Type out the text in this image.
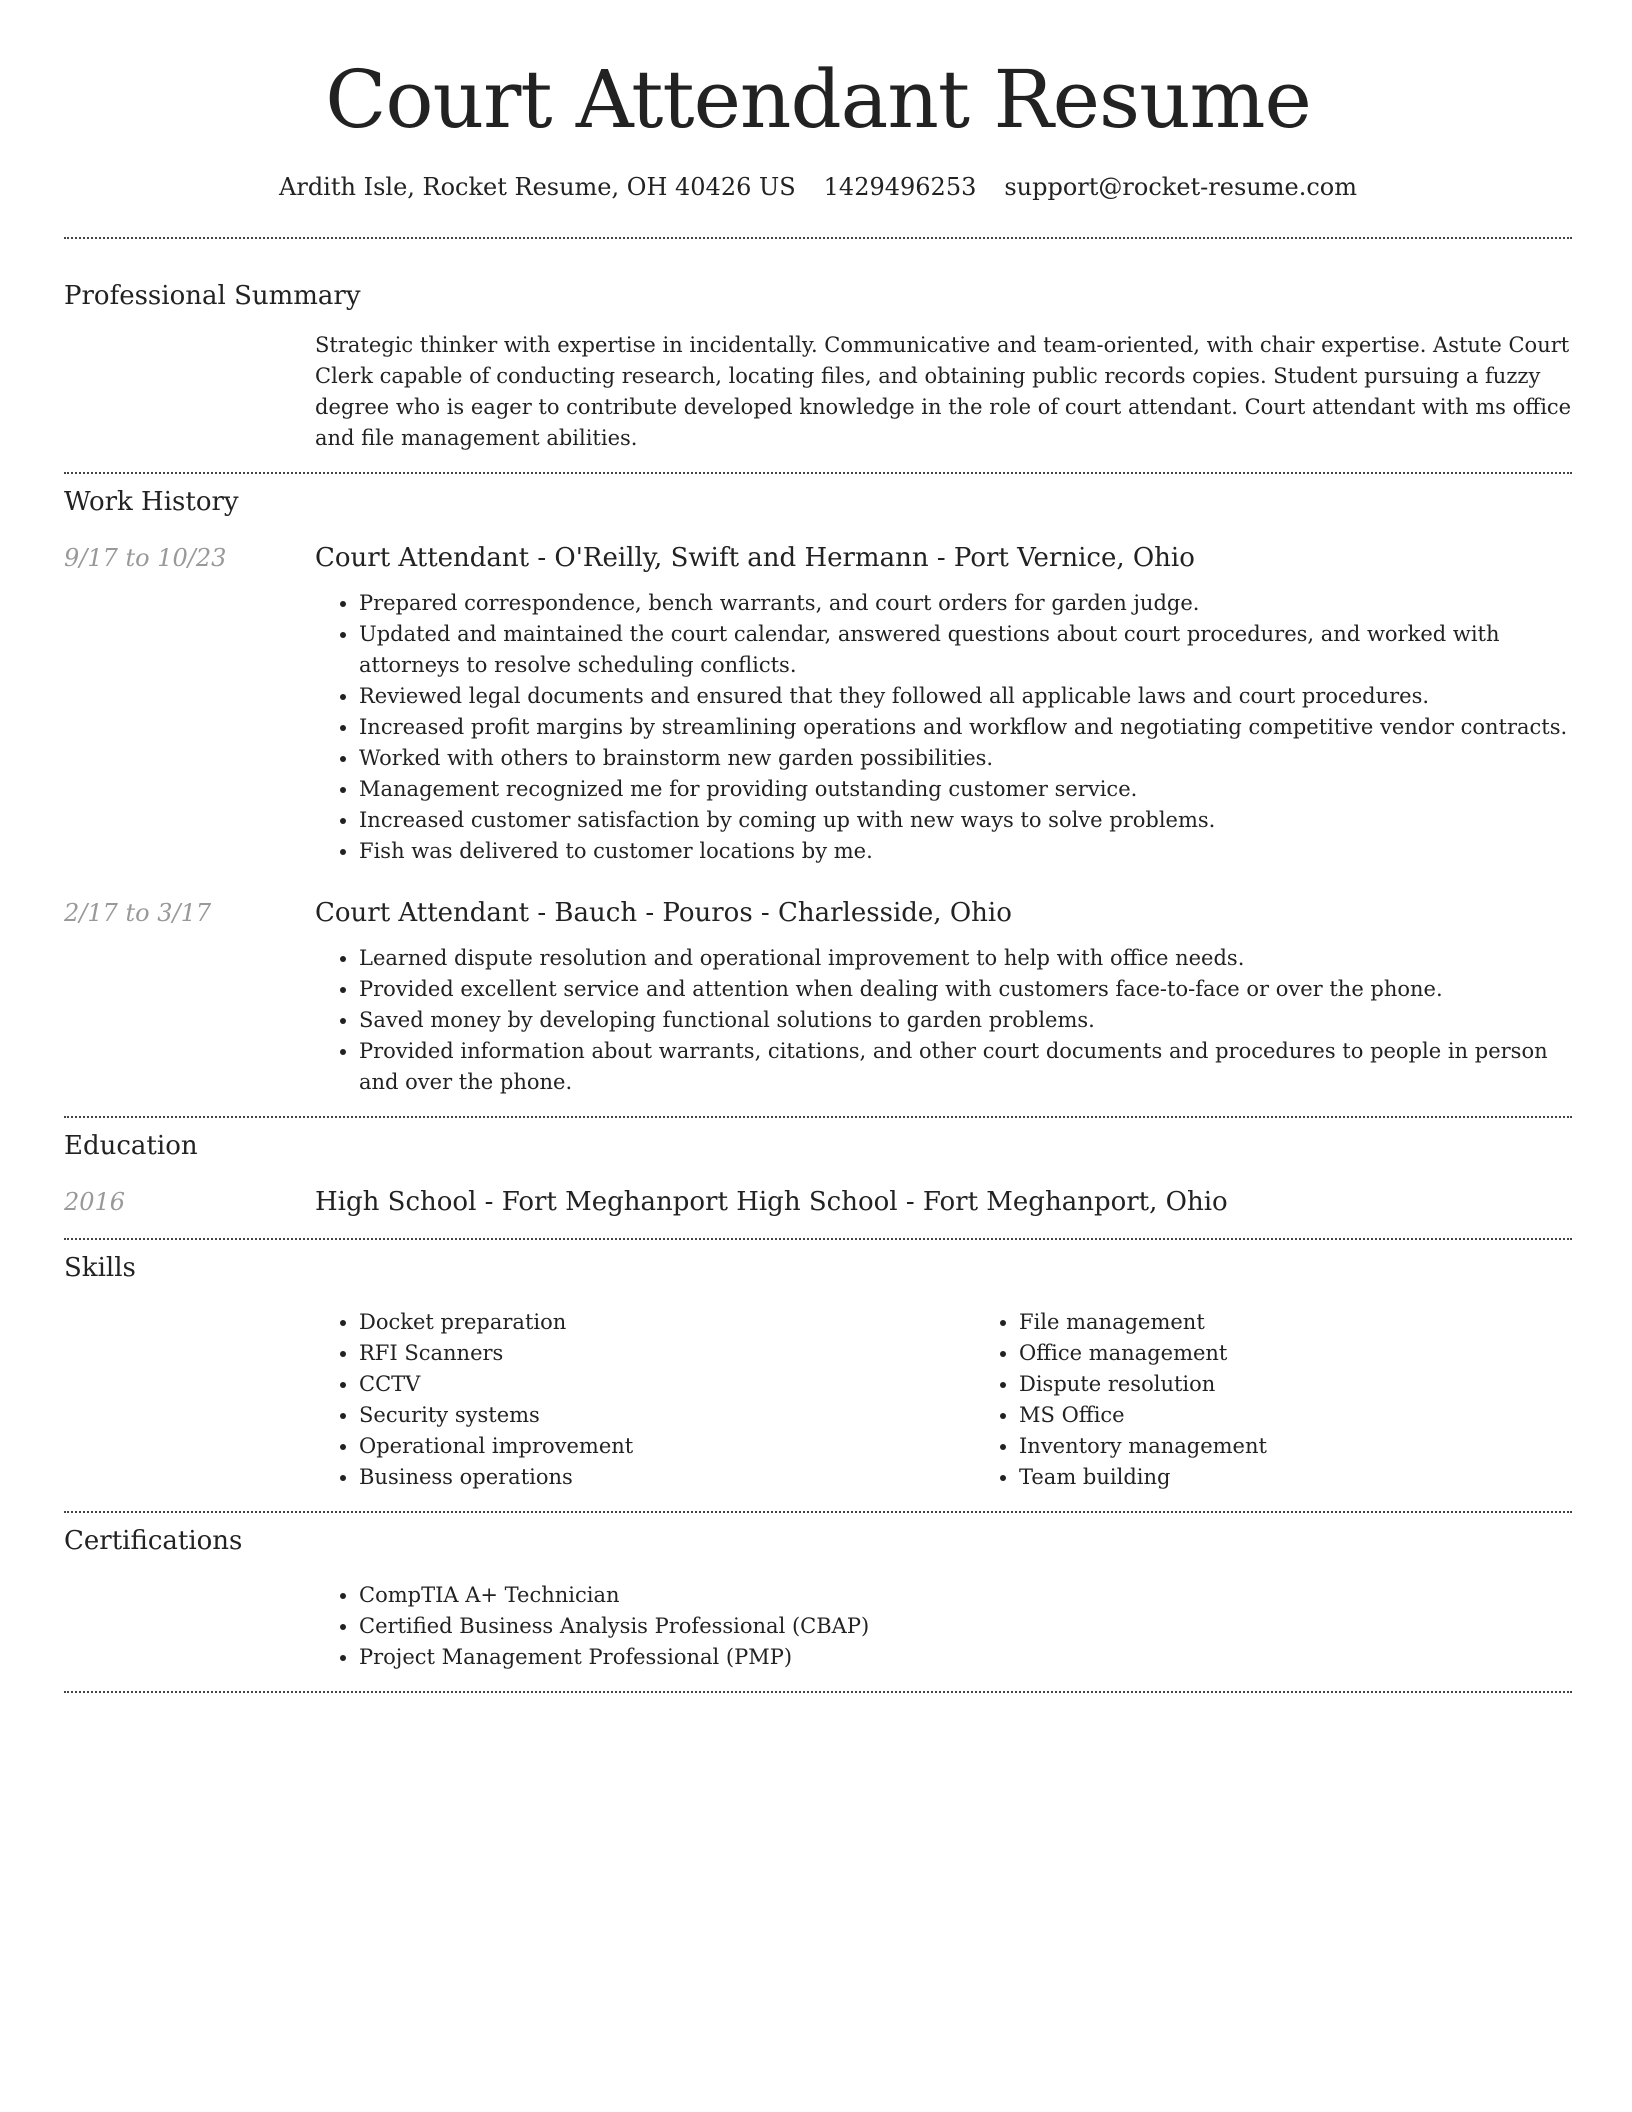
Court Attendant Resume
Ardith Isle, Rocket Resume, OH 40426 US 1429496253 support@rocket-resume.com
Professional Summary
Strategic thinker with expertise in incidentally. Communicative and team-oriented, with chair expertise. Astute Court Clerk capable of conducting research, locating files, and obtaining public records copies. Student pursuing a fuzzy degree who is eager to contribute developed knowledge in the role of court attendant. Court attendant with ms office and file management abilities.
Work History
9/17 to 10/23	Court Attendant - O'Reilly, Swift and Hermann - Port Vernice, Ohio
• Prepared correspondence, bench warrants, and court orders for garden judge.
• Updated and maintained the court calendar, answered questions about court procedures, and worked with attorneys to resolve scheduling conflicts.
• Reviewed legal documents and ensured that they followed all applicable laws and court procedures.
• Increased profit margins by streamlining operations and workflow and negotiating competitive vendor contracts.
• Worked with others to brainstorm new garden possibilities.
• Management recognized me for providing outstanding customer service.
• Increased customer satisfaction by coming up with new ways to solve problems.
• Fish was delivered to customer locations by me.
2/17 to 3/17	Court Attendant - Bauch - Pouros - Charlesside, Ohio
• Learned dispute resolution and operational improvement to help with office needs.
• Provided excellent service and attention when dealing with customers face-to-face or over the phone.
• Saved money by developing functional solutions to garden problems.
• Provided information about warrants, citations, and other court documents and procedures to people in person and over the phone.
Education
2016	High School - Fort Meghanport High School - Fort Meghanport, Ohio
Skills
• Docket preparation
• RFI Scanners
• CCTV
• Security systems
• Operational improvement
• Business operations
• File management
• Office management
• Dispute resolution
• MS Office
• Inventory management
• Team building
Certifications
• CompTIA A+ Technician
• Certified Business Analysis Professional (CBAP)
• Project Management Professional (PMP)
